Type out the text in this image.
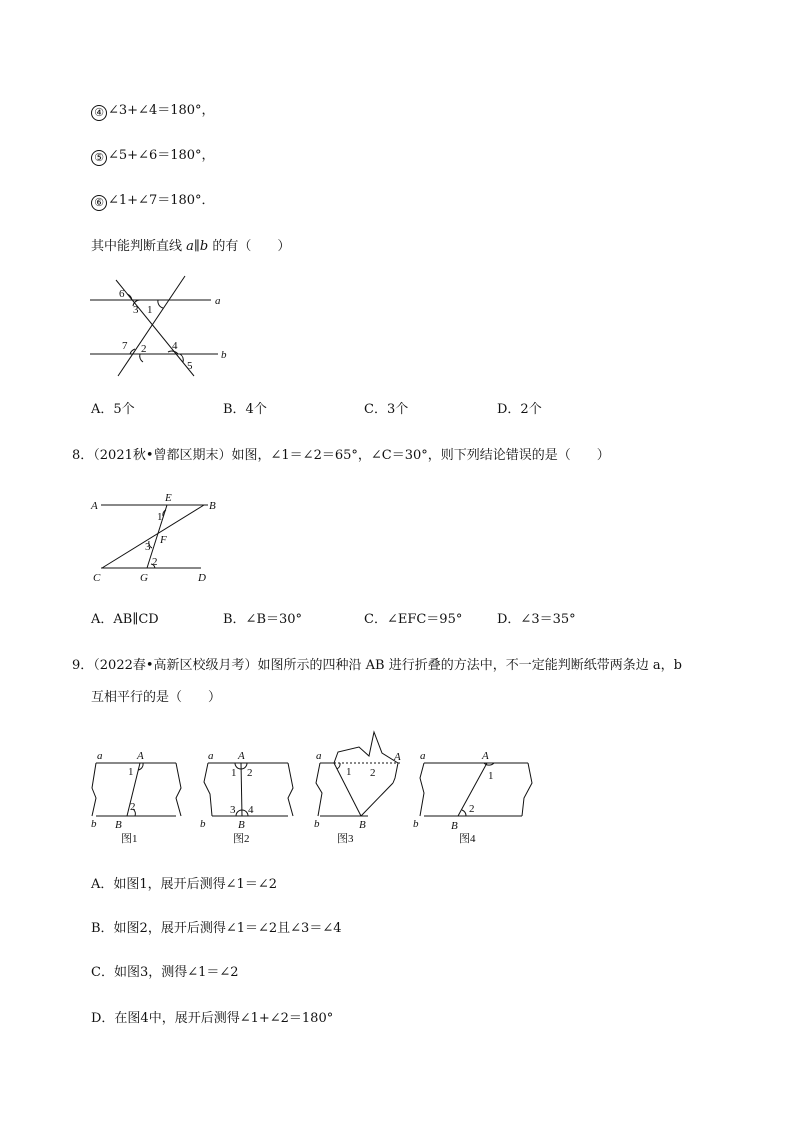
④ ∠3+∠4＝180°，
⑤ ∠5+∠6＝180°，
⑥ ∠1+∠7＝180°．
其中能判断直线 a∥b 的有（　　）
6
3 1
a
7 2 4
b
5
A．5个	B．4个	C．3个	D．2个
8．（2021秋•曾都区期末）如图，∠1＝∠2＝65°，∠C＝30°，则下列结论错误的是（　　）
A
E
B
1
F
3
2
C	G	D
A．AB∥CD	B．∠B＝30°	C．∠EFC＝95°	D．∠3＝35°
9．（2022春•高新区校级月考）如图所示的四种沿 AB 进行折叠的方法中，不一定能判断纸带两条边 a，b
互相平行的是（　　）
a	A
1
2
b B
图1
a A
1 2
3 4
b	B
图2
a
1 2
A
b	B
图3
a	A
1
2
b	B
图4
A．如图1，展开后测得∠1＝∠2
B．如图2，展开后测得∠1＝∠2且∠3＝∠4
C．如图3，测得∠1＝∠2
D．在图4中，展开后测得∠1+∠2＝180°
